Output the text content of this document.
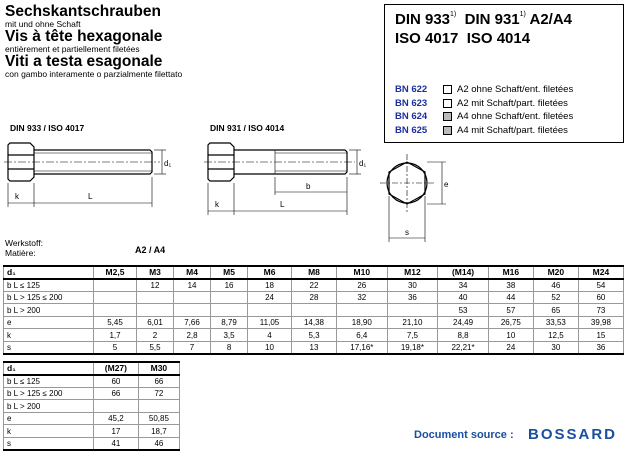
Sechskantschrauben
mit und ohne Schaft
Vis à tête hexagonale
entièrement et partiellement filetées
Viti a testa esagonale
con gambo interamente o parzialmente filettato
DIN 933$^{1)}$ DIN 931$^{1)}$ A2/A4
ISO 4017  ISO 4014
BN 622	A2 ohne Schaft/ent. filetées
BN 623	A2 mit Schaft/part. filetées
BN 624	A4 ohne Schaft/ent. filetées
BN 625	A4 mit Schaft/part. filetées
DIN 933 / ISO 4017	DIN 931 / ISO 4014
k	L
d₁
b
k	L
d₁
e
s
Werkstoff:
Matière:	A2 / A4
d₁	M2,5	M3	M4	M5	M6	M8	M10	M12	(M14)	M16	M20	M24
b L ≤ 125		12	14	16	18	22	26	30	34	38	46	54
b L > 125 ≤ 200					24	28	32	36	40	44	52	60
b L > 200									53	57	65	73
e	5,45	6,01	7,66	8,79	11,05	14,38	18,90	21,10	24,49	26,75	33,53	39,98
k	1,7	2	2,8	3,5	4	5,3	6,4	7,5	8,8	10	12,5	15
s	5	5,5	7	8	10	13	17,16*	19,18*	22,21*	24	30	36
d₁	(M27)	M30
b L ≤ 125	60	66
b L > 125 ≤ 200	66	72
b L > 200		
e	45,2	50,85
k	17	18,7
s	41	46
Document source : BOSSARD
